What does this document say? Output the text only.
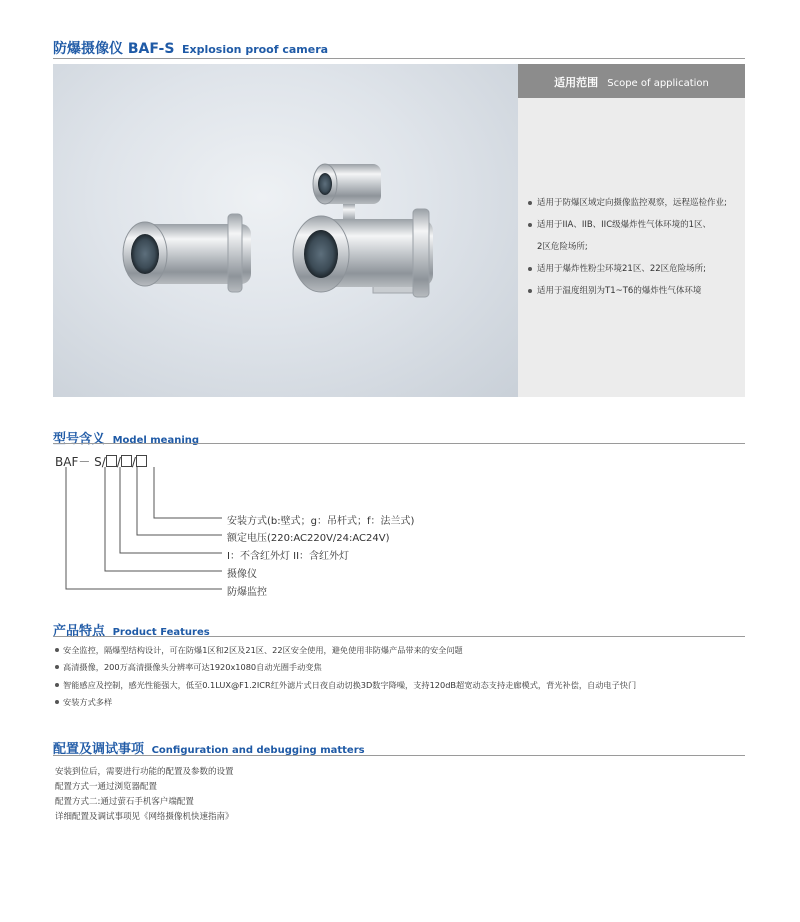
防爆摄像仪 BAF-S Explosion proof camera
适用范围 Scope of application
适用于防爆区域定向摄像监控观察，远程巡检作业;
适用于IIA、IIB、IIC级爆炸性气体环境的1区、
2区危险场所;
适用于爆炸性粉尘环境21区、22区危险场所;
适用于温度组别为T1~T6的爆炸性气体环境
型号含义 Model meaning
BAF－ S/ / /
安装方式(b:壁式；g：吊杆式；f：法兰式)
额定电压(220:AC220V/24:AC24V)
I：不含红外灯 II：含红外灯
摄像仪
防爆监控
产品特点 Product Features
安全监控，隔爆型结构设计，可在防爆1区和2区及21区、22区安全使用，避免使用非防爆产品带来的安全问题
高清摄像，200万高清摄像头分辨率可达1920x1080自动光圈手动变焦
智能感应及控制，感光性能强大，低至0.1LUX@F1.2ICR红外滤片式日夜自动切换3D数字降噪，支持120dB超宽动态支持走廊模式，背光补偿，自动电子快门
安装方式多样
配置及调试事项 Configuration and debugging matters
安装到位后，需要进行功能的配置及参数的设置
配置方式一通过浏览器配置
配置方式二:通过萤石手机客户端配置
详细配置及调试事项见《网络摄像机快速指南》
